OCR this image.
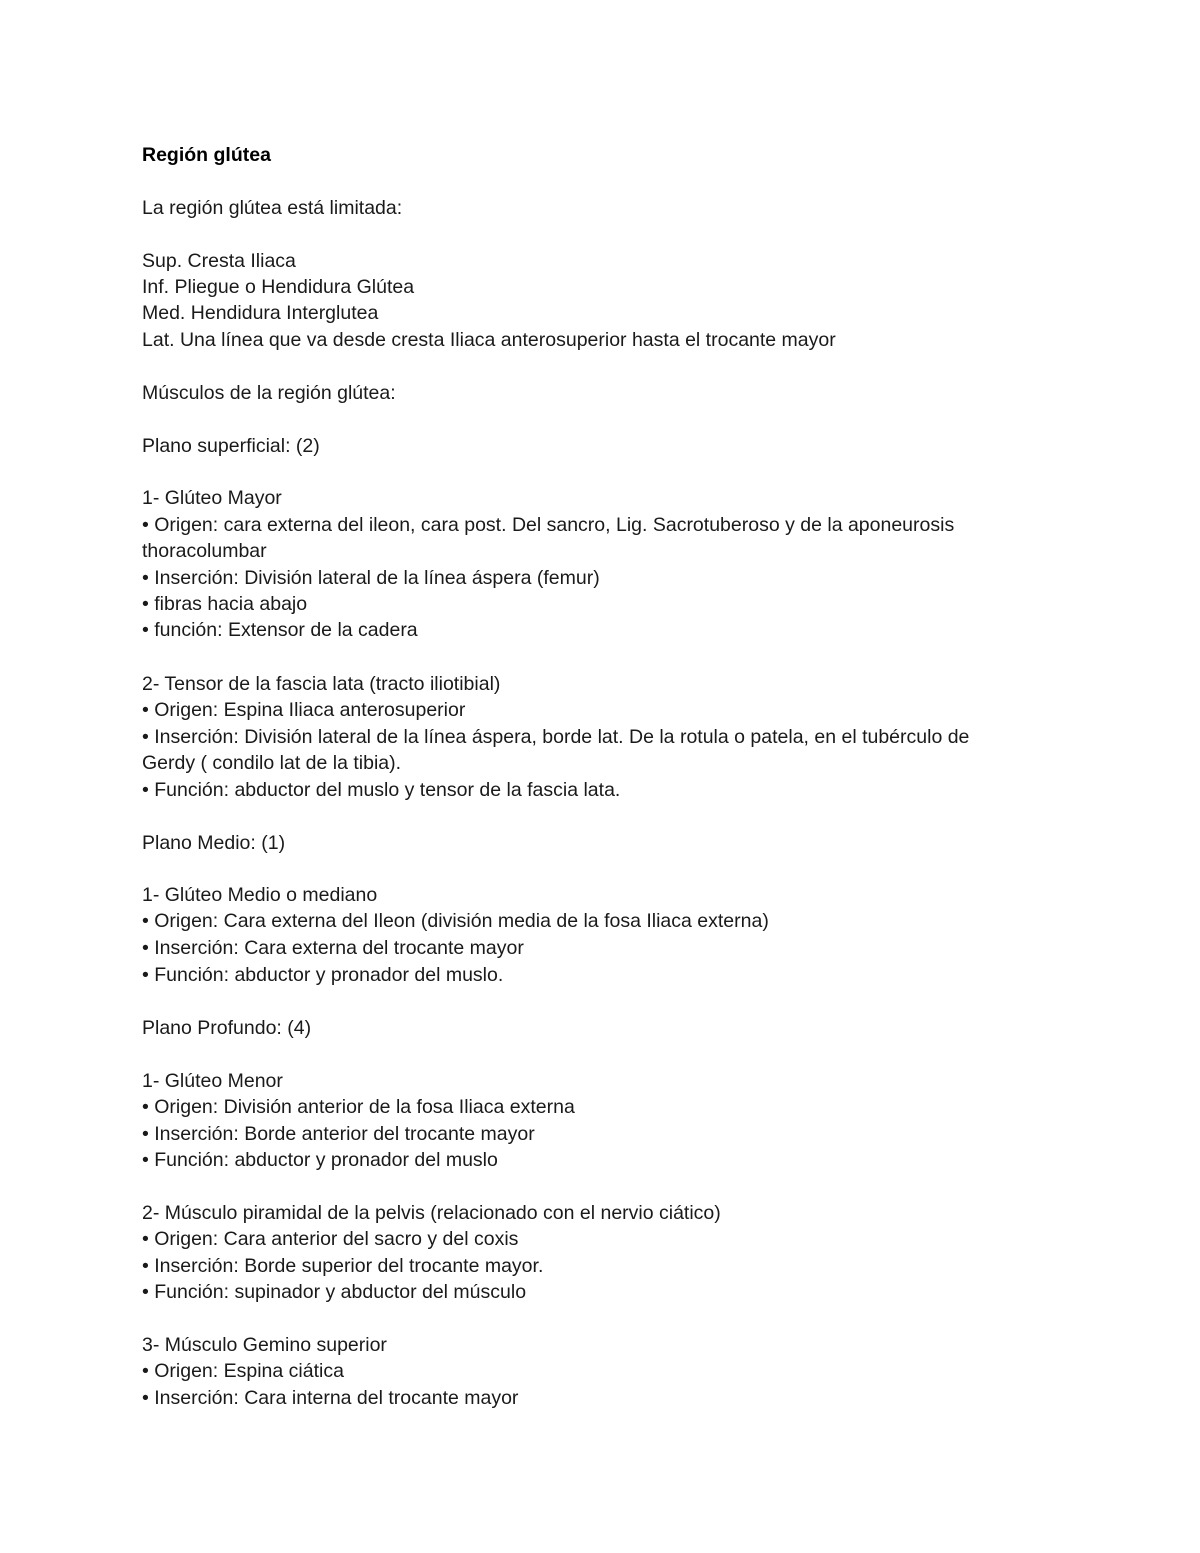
Región glútea
La región glútea está limitada:
Sup. Cresta Iliaca
Inf. Pliegue o Hendidura Glútea
Med. Hendidura Interglutea
Lat. Una línea que va desde cresta Iliaca anterosuperior hasta el trocante mayor
Músculos de la región glútea:
Plano superficial: (2)
1- Glúteo Mayor
• Origen: cara externa del ileon, cara post. Del sancro, Lig. Sacrotuberoso y de la aponeurosis
thoracolumbar
• Inserción: División lateral de la línea áspera (femur)
• fibras hacia abajo
• función: Extensor de la cadera
2- Tensor de la fascia lata (tracto iliotibial)
• Origen: Espina Iliaca anterosuperior
• Inserción: División lateral de la línea áspera, borde lat. De la rotula o patela, en el tubérculo de
Gerdy ( condilo lat de la tibia).
• Función: abductor del muslo y tensor de la fascia lata.
Plano Medio: (1)
1- Glúteo Medio o mediano
• Origen: Cara externa del Ileon (división media de la fosa Iliaca externa)
• Inserción: Cara externa del trocante mayor
• Función: abductor y pronador del muslo.
Plano Profundo: (4)
1- Glúteo Menor
• Origen: División anterior de la fosa Iliaca externa
• Inserción: Borde anterior del trocante mayor
• Función: abductor y pronador del muslo
2- Músculo piramidal de la pelvis (relacionado con el nervio ciático)
• Origen: Cara anterior del sacro y del coxis
• Inserción: Borde superior del trocante mayor.
• Función: supinador y abductor del músculo
3- Músculo Gemino superior
• Origen: Espina ciática
• Inserción: Cara interna del trocante mayor
